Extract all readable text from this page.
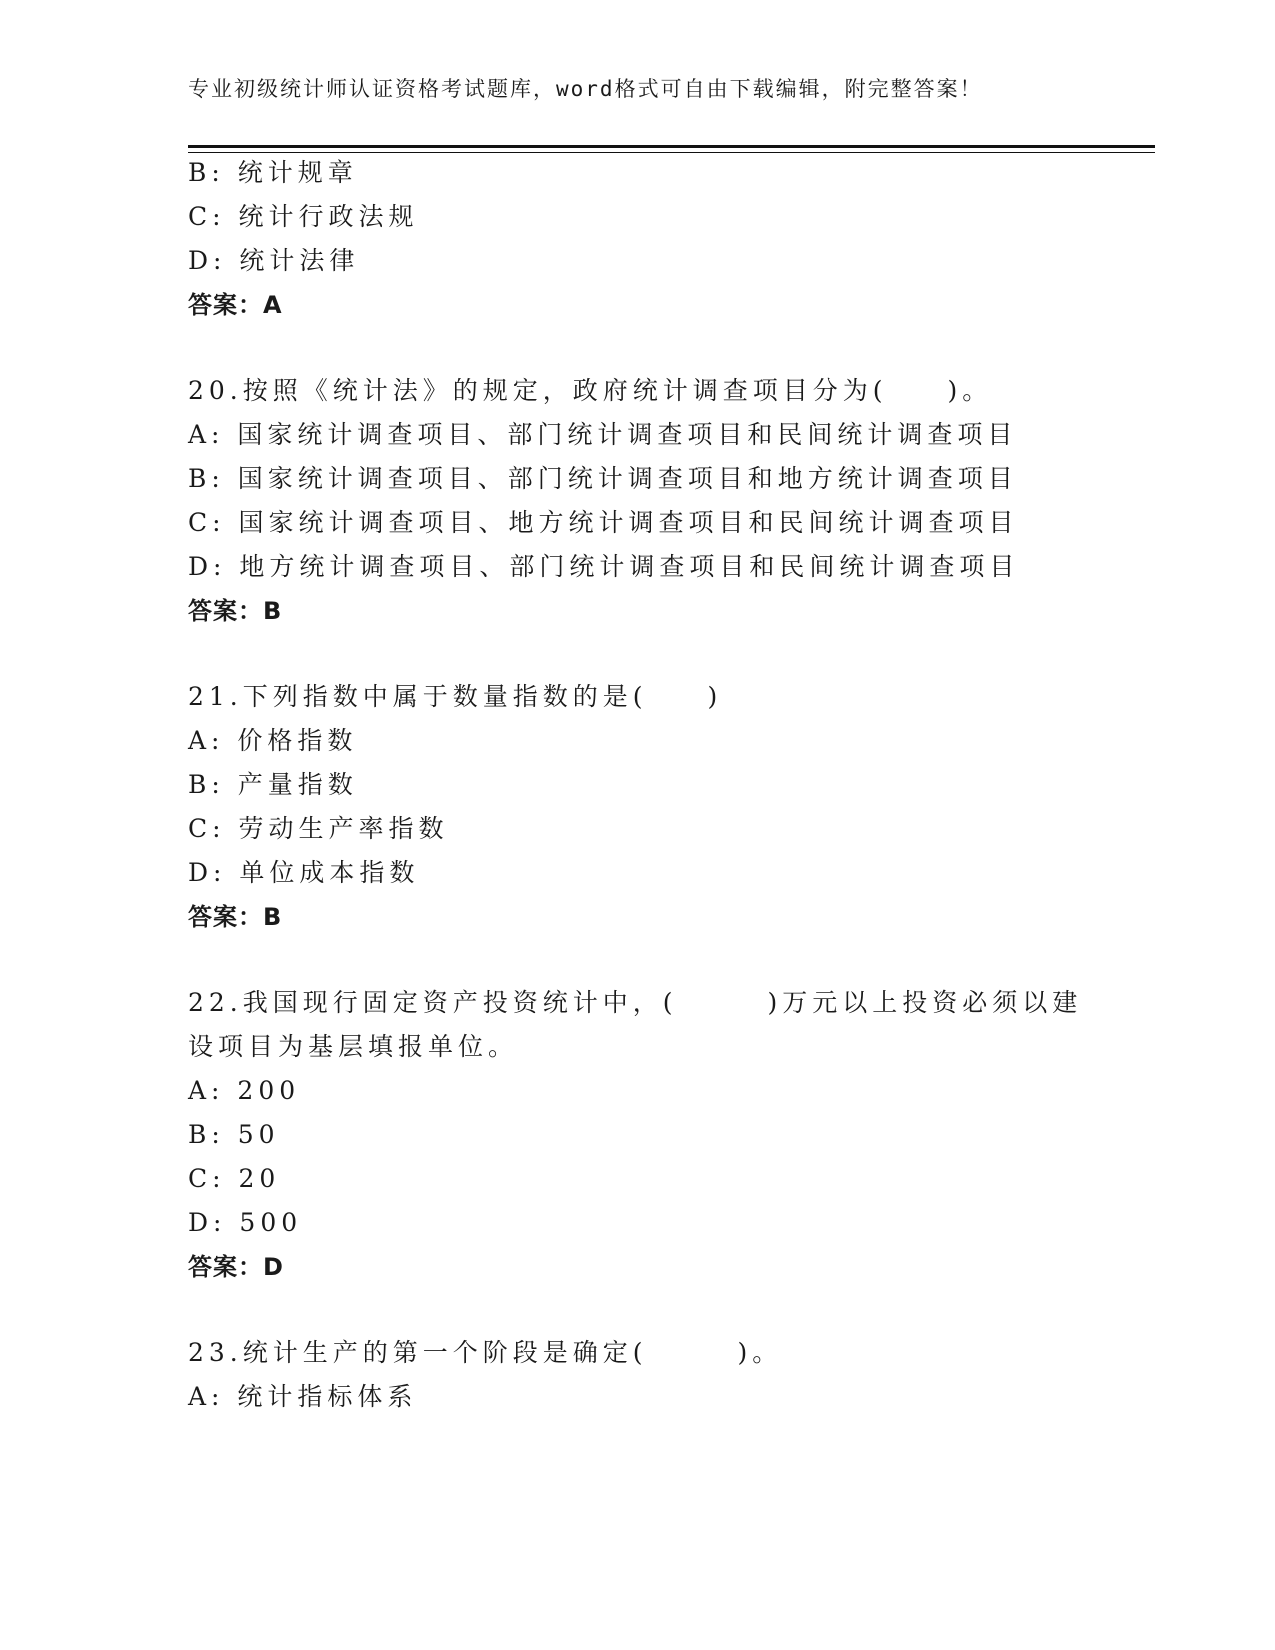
专业初级统计师认证资格考试题库，word格式可自由下载编辑，附完整答案！
B: 统计规章
C: 统计行政法规
D: 统计法律
答案：A
20.按照《统计法》的规定，政府统计调查项目分为(　　)。
A: 国家统计调查项目、部门统计调查项目和民间统计调查项目
B: 国家统计调查项目、部门统计调查项目和地方统计调查项目
C: 国家统计调查项目、地方统计调查项目和民间统计调查项目
D: 地方统计调查项目、部门统计调查项目和民间统计调查项目
答案：B
21.下列指数中属于数量指数的是(　　)
A: 价格指数
B: 产量指数
C: 劳动生产率指数
D: 单位成本指数
答案：B
22.我国现行固定资产投资统计中，(　　　)万元以上投资必须以建
设项目为基层填报单位。
A: 200
B: 50
C: 20
D: 500
答案：D
23.统计生产的第一个阶段是确定(　　　)。
A: 统计指标体系
